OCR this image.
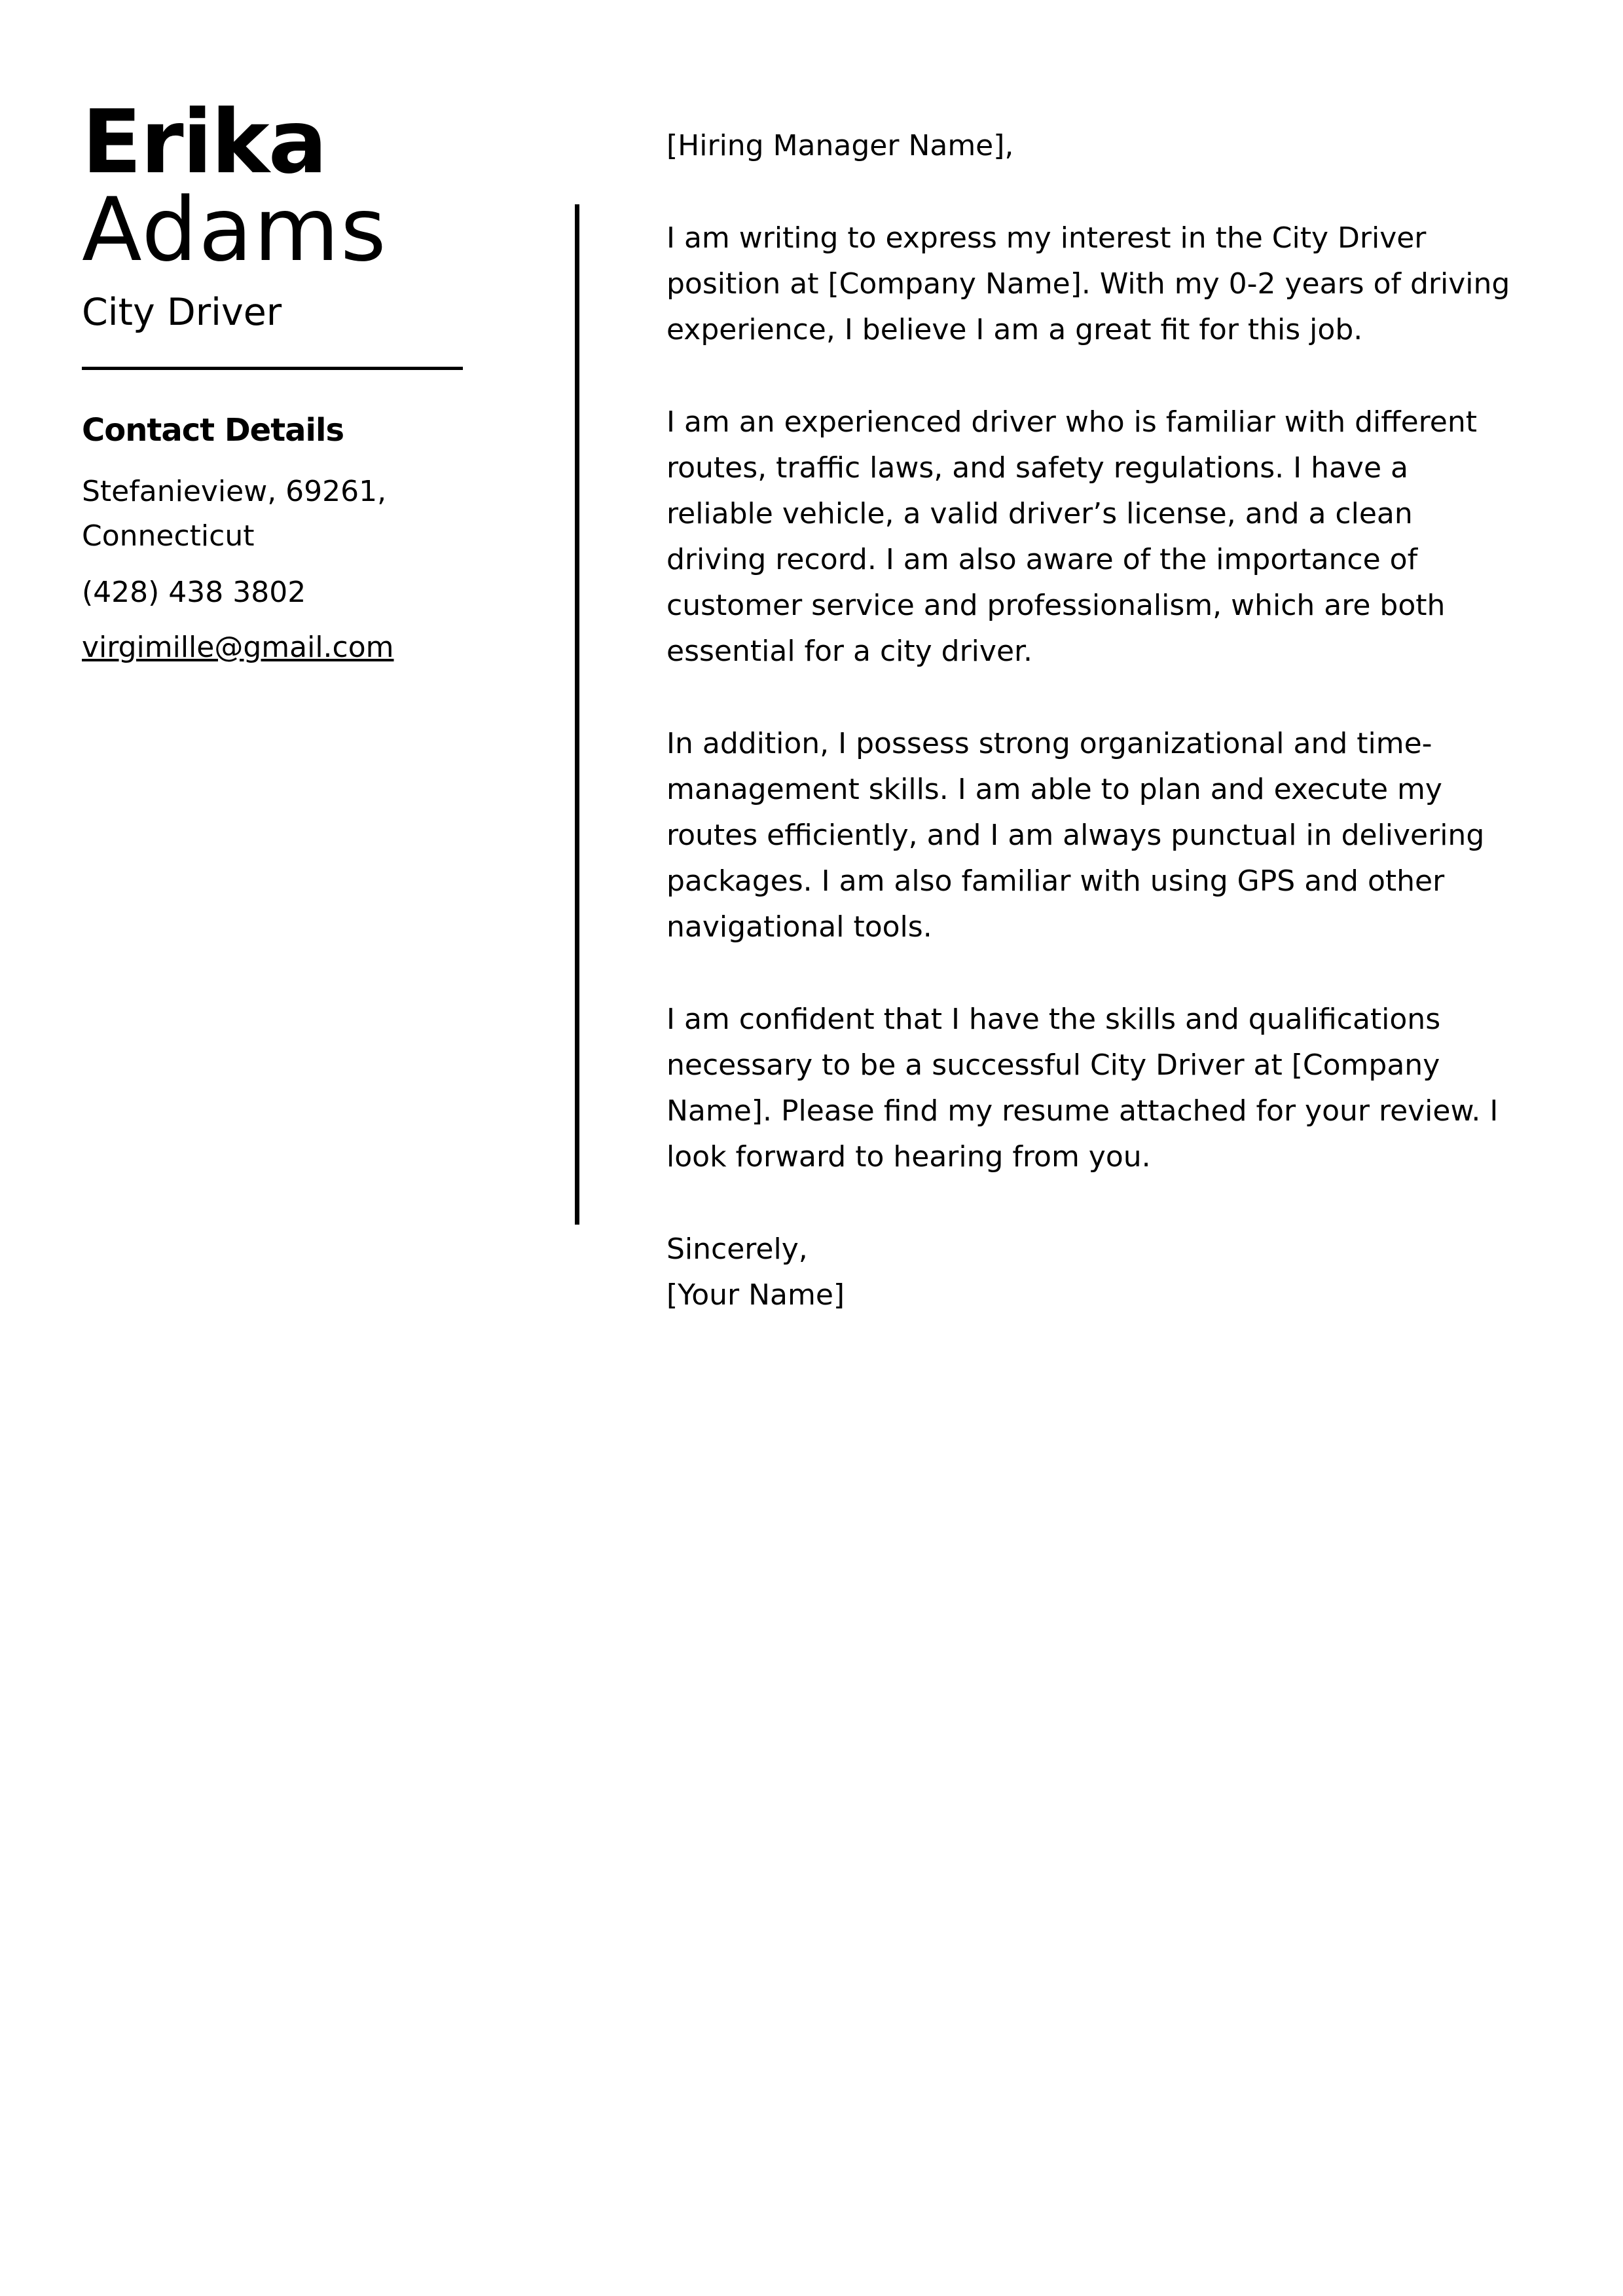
Erika
Adams
City Driver
Contact Details
Stefanieview, 69261,
Connecticut
(428) 438 3802
virgimille@gmail.com

[Hiring Manager Name],

I am writing to express my interest in the City Driver position at [Company Name]. With my 0-2 years of driving experience, I believe I am a great fit for this job.

I am an experienced driver who is familiar with different routes, traffic laws, and safety regulations. I have a reliable vehicle, a valid driver’s license, and a clean driving record. I am also aware of the importance of customer service and professionalism, which are both essential for a city driver.

In addition, I possess strong organizational and time-management skills. I am able to plan and execute my routes efficiently, and I am always punctual in delivering packages. I am also familiar with using GPS and other navigational tools.

I am confident that I have the skills and qualifications necessary to be a successful City Driver at [Company Name]. Please find my resume attached for your review. I look forward to hearing from you.

Sincerely,
[Your Name]
